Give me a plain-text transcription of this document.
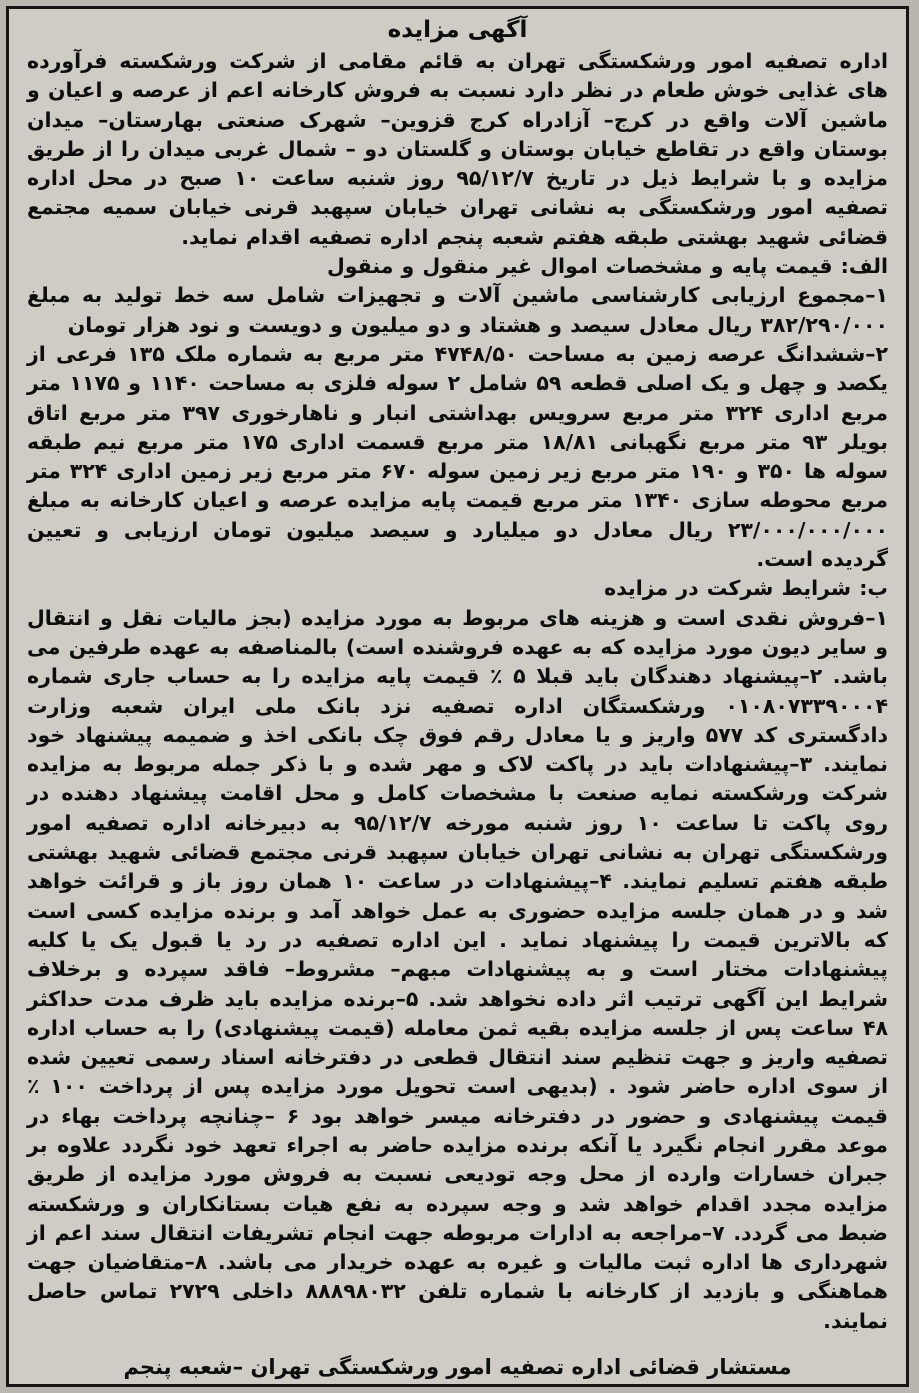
آگهی مزایده

اداره تصفیه امور ورشکستگی تهران به قائم مقامی از شرکت ورشکسته فرآورده های غذایی خوش طعام در نظر دارد نسبت به فروش کارخانه اعم از عرصه و اعیان و ماشین آلات واقع در کرج– آزادراه کرج قزوین– شهرک صنعتی بهارستان– میدان بوستان واقع در تقاطع خیابان بوستان و گلستان دو – شمال غربی میدان را از طریق مزایده و با شرایط ذیل در تاریخ ۹۵/۱۲/۷ روز شنبه ساعت ۱۰ صبح در محل اداره تصفیه امور ورشکستگی به نشانی تهران خیابان سپهبد قرنی خیابان سمیه مجتمع قضائی شهید بهشتی طبقه هفتم شعبه پنجم اداره تصفیه اقدام نماید.

الف: قیمت پایه و مشخصات اموال غیر منقول و منقول

۱–مجموع ارزیابی کارشناسی ماشین آلات و تجهیزات شامل سه خط تولید به مبلغ ۳۸۲/۲۹۰/۰۰۰ ریال معادل سیصد و هشتاد و دو میلیون و دویست و نود هزار تومان

۲–ششدانگ عرصه زمین به مساحت ۴۷۴۸/۵۰ متر مربع به شماره ملک ۱۳۵ فرعی از یکصد و چهل و یک اصلی قطعه ۵۹ شامل ۲ سوله فلزی به مساحت ۱۱۴۰ و ۱۱۷۵ متر مربع اداری ۳۲۴ متر مربع سرویس بهداشتی انبار و ناهارخوری ۳۹۷ متر مربع اتاق بویلر ۹۳ متر مربع نگهبانی ۱۸/۸۱ متر مربع قسمت اداری ۱۷۵ متر مربع نیم طبقه سوله ها ۳۵۰ و ۱۹۰ متر مربع زیر زمین سوله ۶۷۰ متر مربع زیر زمین اداری ۳۲۴ متر مربع محوطه سازی ۱۳۴۰ متر مربع قیمت پایه مزایده عرصه و اعیان کارخانه به مبلغ ۲۳/۰۰۰/۰۰۰/۰۰۰ ریال معادل دو میلیارد و سیصد میلیون تومان ارزیابی و تعیین گردیده است.

ب: شرایط شرکت در مزایده

۱–فروش نقدی است و هزینه های مربوط به مورد مزایده (بجز مالیات نقل و انتقال و سایر دیون مورد مزایده که به عهده فروشنده است) بالمناصفه به عهده طرفین می باشد. ۲–پیشنهاد دهندگان باید قبلا ۵ ٪ قیمت پایه مزایده را به حساب جاری شماره ۰۱۰۸۰۷۳۳۹۰۰۰۴ ورشکستگان اداره تصفیه نزد بانک ملی ایران شعبه وزارت دادگستری کد ۵۷۷ واریز و یا معادل رقم فوق چک بانکی اخذ و ضمیمه پیشنهاد خود نمایند. ۳–پیشنهادات باید در پاکت لاک و مهر شده و با ذکر جمله مربوط به مزایده شرکت ورشکسته نمایه صنعت با مشخصات کامل و محل اقامت پیشنهاد دهنده در روی پاکت تا ساعت ۱۰ روز شنبه مورخه ۹۵/۱۲/۷ به دبیرخانه اداره تصفیه امور ورشکستگی تهران به نشانی تهران خیابان سپهبد قرنی مجتمع قضائی شهید بهشتی طبقه هفتم تسلیم نمایند. ۴–پیشنهادات در ساعت ۱۰ همان روز باز و قرائت خواهد شد و در همان جلسه مزایده حضوری به عمل خواهد آمد و برنده مزایده کسی است که بالاترین قیمت را پیشنهاد نماید . این اداره تصفیه در رد یا قبول یک یا کلیه پیشنهادات مختار است و به پیشنهادات مبهم– مشروط– فاقد سپرده و برخلاف شرایط این آگهی ترتیب اثر داده نخواهد شد. ۵–برنده مزایده باید ظرف مدت حداکثر ۴۸ ساعت پس از جلسه مزایده بقیه ثمن معامله (قیمت پیشنهادی) را به حساب اداره تصفیه واریز و جهت تنظیم سند انتقال قطعی در دفترخانه اسناد رسمی تعیین شده از سوی اداره حاضر شود . (بدیهی است تحویل مورد مزایده پس از پرداخت ۱۰۰ ٪ قیمت پیشنهادی و حضور در دفترخانه میسر خواهد بود ۶ –چنانچه پرداخت بهاء در موعد مقرر انجام نگیرد یا آنکه برنده مزایده حاضر به اجراء تعهد خود نگردد علاوه بر جبران خسارات وارده از محل وجه تودیعی نسبت به فروش مورد مزایده از طریق مزایده مجدد اقدام خواهد شد و وجه سپرده به نفع هیات بستانکاران و ورشکسته ضبط می گردد. ۷–مراجعه به ادارات مربوطه جهت انجام تشریفات انتقال سند اعم از شهرداری ها اداره ثبت مالیات و غیره به عهده خریدار می باشد. ۸–متقاضیان جهت هماهنگی و بازدید از کارخانه با شماره تلفن ۸۸۸۹۸۰۳۲ داخلی ۲۷۲۹ تماس حاصل نمایند.

مستشار قضائی اداره تصفیه امور ورشکستگی تهران –شعبه پنجم
